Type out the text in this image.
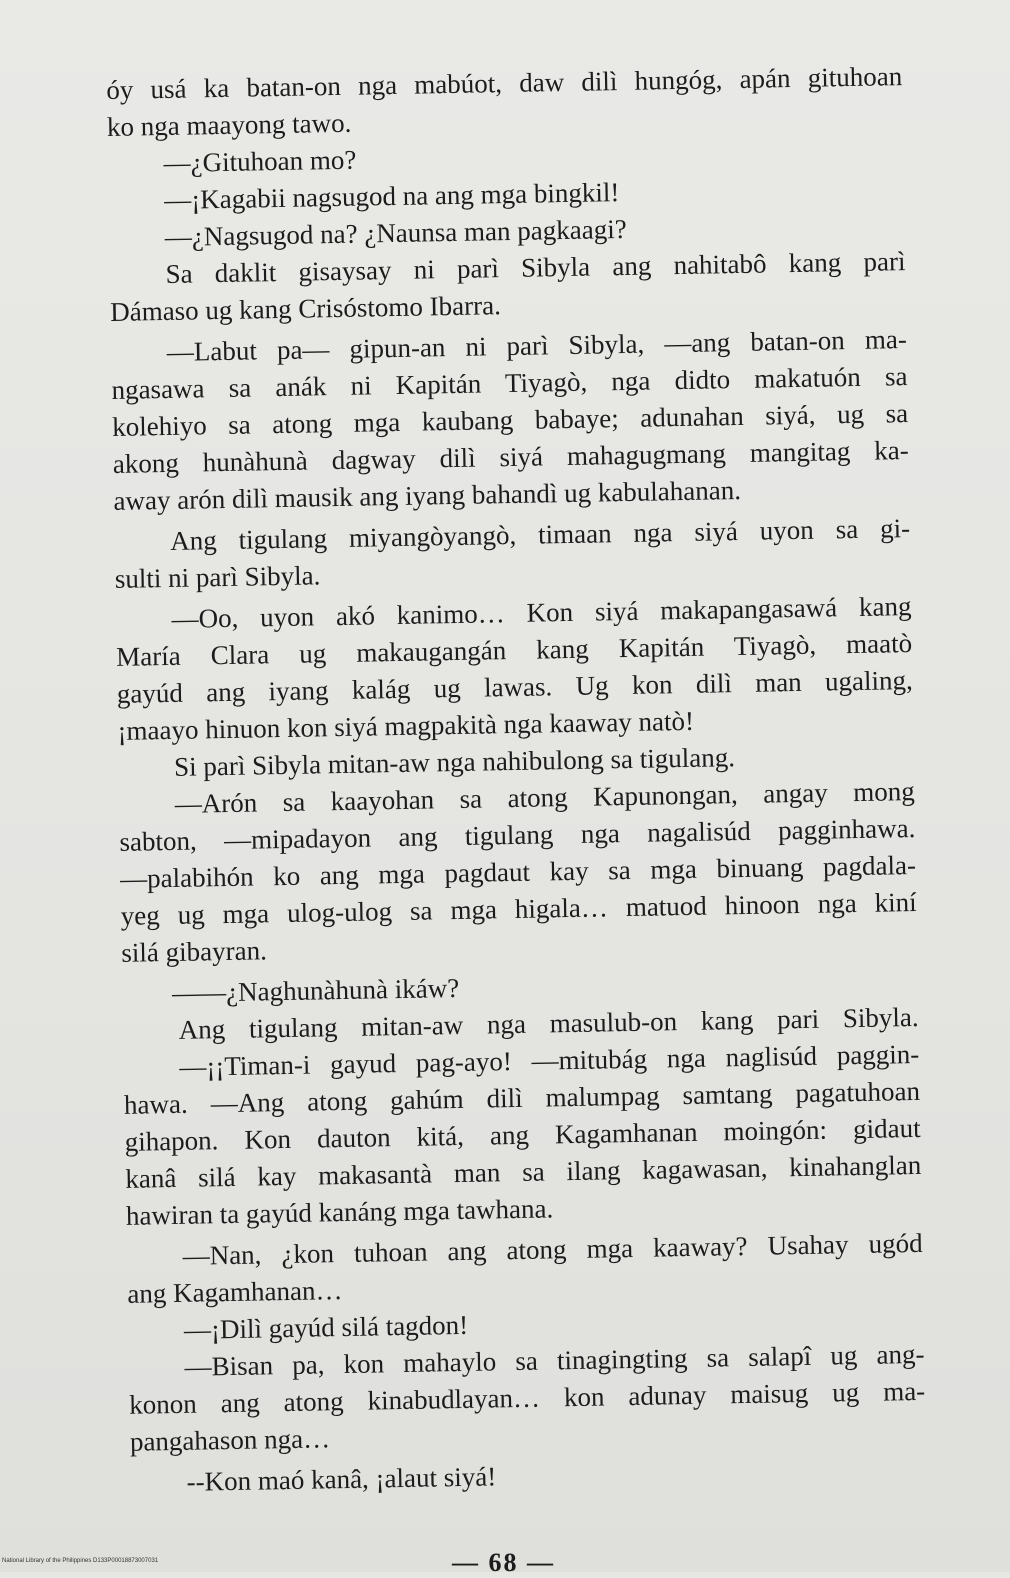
óy usá ka batan-on nga mabúot, daw dilì hungóg, apán gituhoan
ko nga maayong tawo.
—¿Gituhoan mo?
—¡Kagabii nagsugod na ang mga bingkil!
—¿Nagsugod na? ¿Naunsa man pagkaagi?
Sa daklit gisaysay ni parì Sibyla ang nahitabô kang parì
Dámaso ug kang Crisóstomo Ibarra.
—Labut pa— gipun-an ni parì Sibyla, —ang batan-on ma-
ngasawa sa anák ni Kapitán Tiyagò, nga didto makatuón sa
kolehiyo sa atong mga kaubang babaye; adunahan siyá, ug sa
akong hunàhunà dagway dilì siyá mahagugmang mangitag ka-
away arón dilì mausik ang iyang bahandì ug kabulahanan.
Ang tigulang miyangòyangò, timaan nga siyá uyon sa gi-
sulti ni parì Sibyla.
—Oo, uyon akó kanimo… Kon siyá makapangasawá kang
María Clara ug makaugangán kang Kapitán Tiyagò, maatò
gayúd ang iyang kalág ug lawas. Ug kon dilì man ugaling,
¡maayo hinuon kon siyá magpakità nga kaaway natò!
Si parì Sibyla mitan-aw nga nahibulong sa tigulang.
—Arón sa kaayohan sa atong Kapunongan, angay mong
sabton, —mipadayon ang tigulang nga nagalisúd pagginhawa.
—palabihón ko ang mga pagdaut kay sa mga binuang pagdala-
yeg ug mga ulog-ulog sa mga higala… matuod hinoon nga kiní
silá gibayran.
——¿Naghunàhunà ikáw?
Ang tigulang mitan-aw nga masulub-on kang pari Sibyla.
—¡¡Timan-i gayud pag-ayo! —mitubág nga naglisúd paggin-
hawa. —Ang atong gahúm dilì malumpag samtang pagatuhoan
gihapon. Kon dauton kitá, ang Kagamhanan moingón: gidaut
kanâ silá kay makasantà man sa ilang kagawasan, kinahanglan
hawiran ta gayúd kanáng mga tawhana.
—Nan, ¿kon tuhoan ang atong mga kaaway? Usahay ugód
ang Kagamhanan…
—¡Dilì gayúd silá tagdon!
—Bisan pa, kon mahaylo sa tinagingting sa salapî ug ang-
konon ang atong kinabudlayan… kon adunay maisug ug ma-
pangahason nga…
--Kon maó kanâ, ¡alaut siyá!
— 68 —
National Library of the Philippines D133P00018873007031
